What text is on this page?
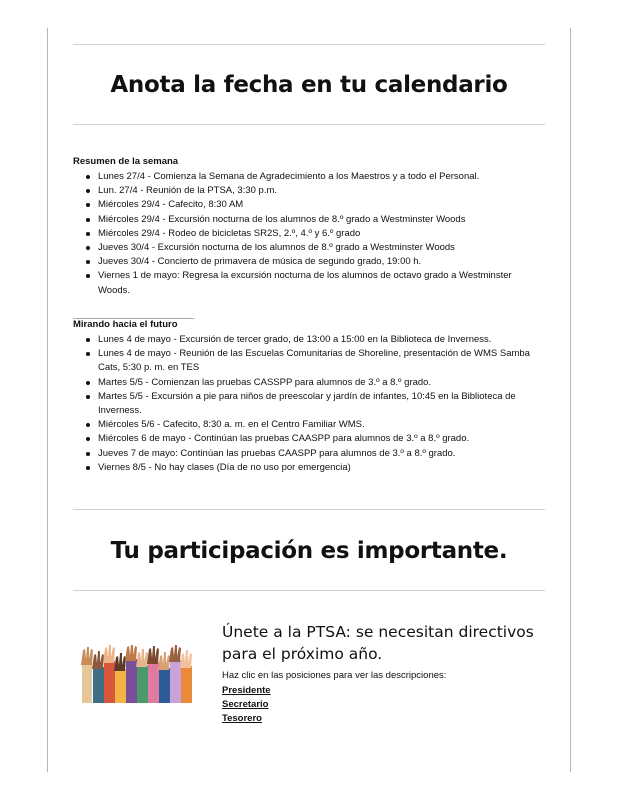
Anota la fecha en tu calendario
Resumen de la semana
Lunes 27/4 - Comienza la Semana de Agradecimiento a los Maestros y a todo el Personal.
Lun. 27/4 - Reunión de la PTSA, 3:30 p.m.
Miércoles 29/4 - Cafecito, 8:30 AM
Miércoles 29/4 - Excursión nocturna de los alumnos de 8.º grado a Westminster Woods
Miércoles 29/4 - Rodeo de bicicletas SR2S, 2.º, 4.º y 6.º grado
Jueves 30/4 - Excursión nocturna de los alumnos de 8.º grado a Westminster Woods
Jueves 30/4 - Concierto de primavera de música de segundo grado, 19:00 h.
Viernes 1 de mayo: Regresa la excursión nocturna de los alumnos de octavo grado a Westminster Woods.
______________________________
Mirando hacia el futuro
Lunes 4 de mayo - Excursión de tercer grado, de 13:00 a 15:00 en la Biblioteca de Inverness.
Lunes 4 de mayo - Reunión de las Escuelas Comunitarias de Shoreline, presentación de WMS Samba Cats, 5:30 p. m. en TES
Martes 5/5 - Comienzan las pruebas CASSPP para alumnos de 3.º a 8.º grado.
Martes 5/5 - Excursión a pie para niños de preescolar y jardín de infantes, 10:45 en la Biblioteca de Inverness.
Miércoles 5/6 - Cafecito, 8:30 a. m. en el Centro Familiar WMS.
Miércoles 6 de mayo - Continúan las pruebas CAASPP para alumnos de 3.º a 8.º grado.
Jueves 7 de mayo: Continúan las pruebas CAASPP para alumnos de 3.º a 8.º grado.
Viernes 8/5 - No hay clases (Día de no uso por emergencia)
Tu participación es importante.
Únete a la PTSA: se necesitan directivos para el próximo año.
Haz clic en las posiciones para ver las descripciones:
Presidente
Secretario
Tesorero
